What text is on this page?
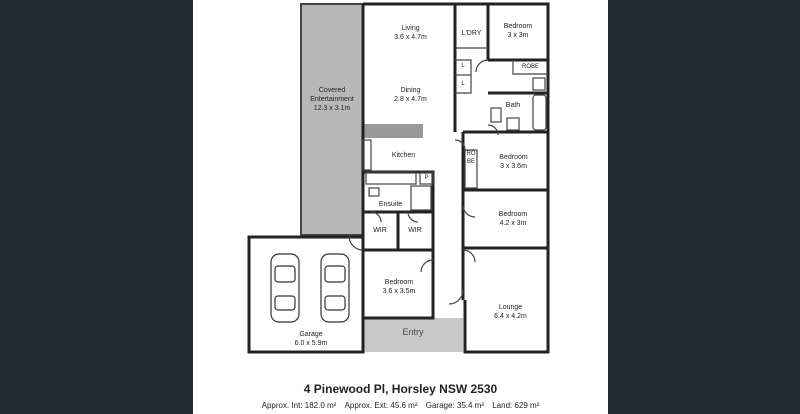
Living
3.6 x 4.7m
Dining
2.8 x 4.7m
Covered
Entertainment
12.3 x 3.1m
L'DRY
Bedroom
3 x 3m
ROBE
L
L
Bath
Kitchen
P
Bedroom
3 x 3.6m
ROBE
Ensuite
Bedroom
4.2 x 3m
WIR	WIR
Bedroom
3.6 x 3.5m
Garage
6.0 x 5.9m
Entry
Lounge
6.4 x 4.2m
4 Pinewood Pl, Horsley NSW 2530
Approx. Int: 182.0 m² Approx. Ext: 45.6 m² Garage: 35.4 m² Land: 629 m²
